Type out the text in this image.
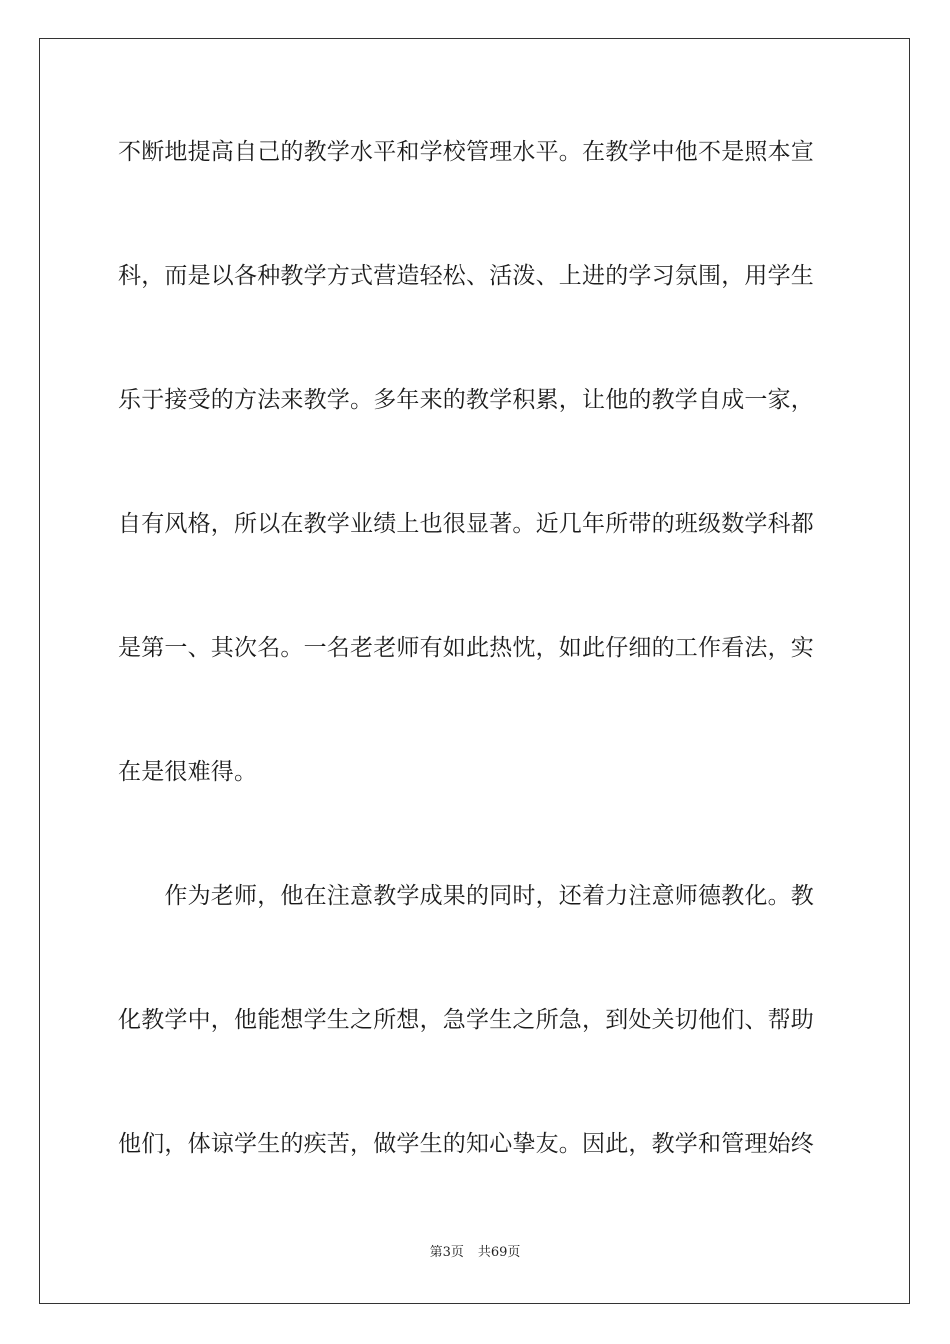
不断地提高自己的教学水平和学校管理水平。在教学中他不是照本宣
科，而是以各种教学方式营造轻松、活泼、上进的学习氛围，用学生
乐于接受的方法来教学。多年来的教学积累，让他的教学自成一家，
自有风格，所以在教学业绩上也很显著。近几年所带的班级数学科都
是第一、其次名。一名老老师有如此热忱，如此仔细的工作看法，实
在是很难得。
　　作为老师，他在注意教学成果的同时，还着力注意师德教化。教
化教学中，他能想学生之所想，急学生之所急，到处关切他们、帮助
他们，体谅学生的疾苦，做学生的知心挚友。因此，教学和管理始终
第3页 共69页
